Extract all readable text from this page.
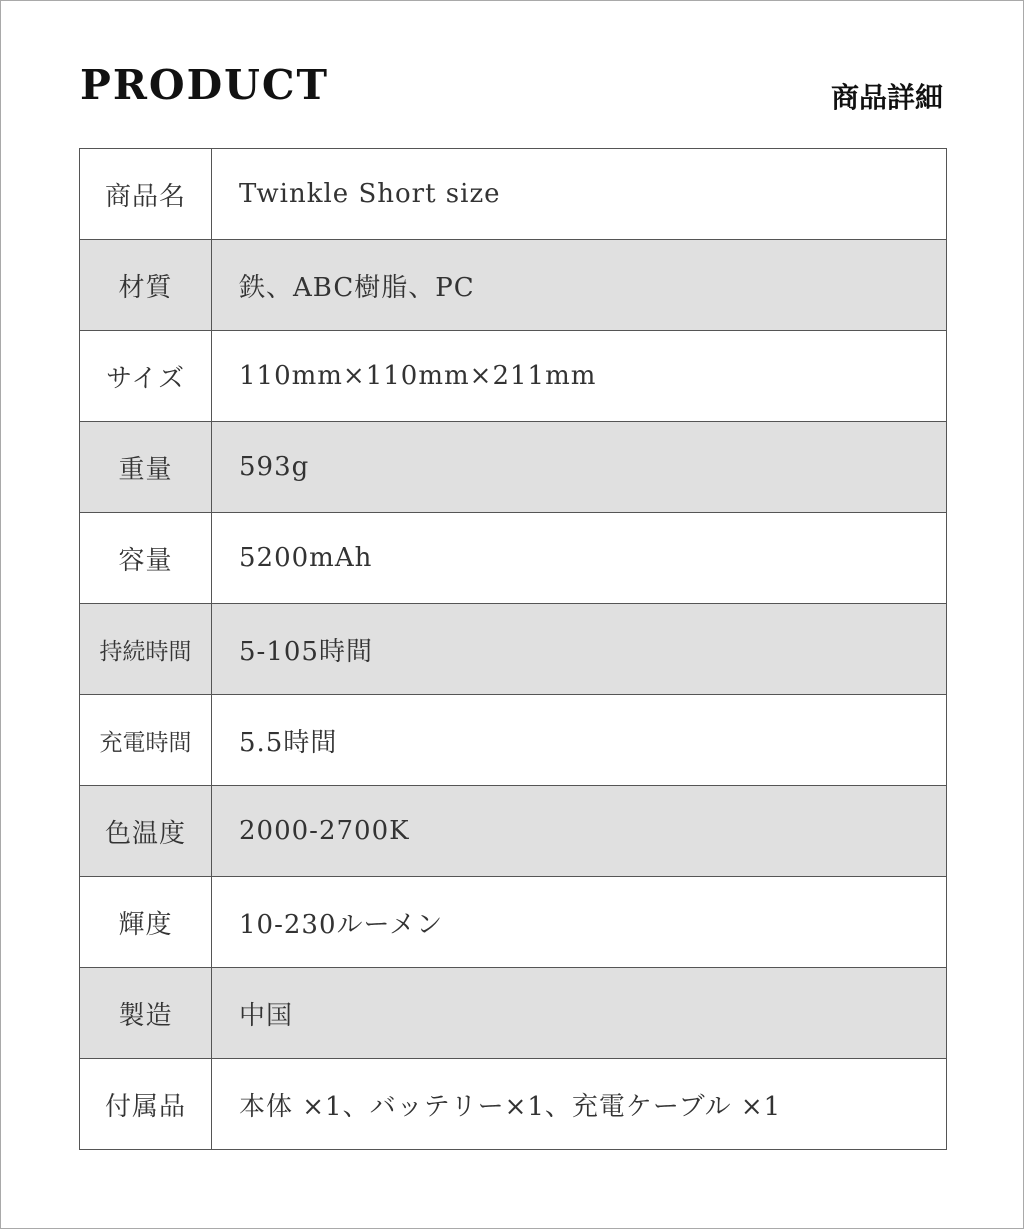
PRODUCT	商品詳細
商品名	Twinkle Short size
材質	鉄、ABC樹脂、PC
サイズ	110mm×110mm×211mm
重量	593g
容量	5200mAh
持続時間	5-105時間
充電時間	5.5時間
色温度	2000-2700K
輝度	10-230ルーメン
製造	中国
付属品	本体 ×1、バッテリー×1、充電ケーブル ×1
